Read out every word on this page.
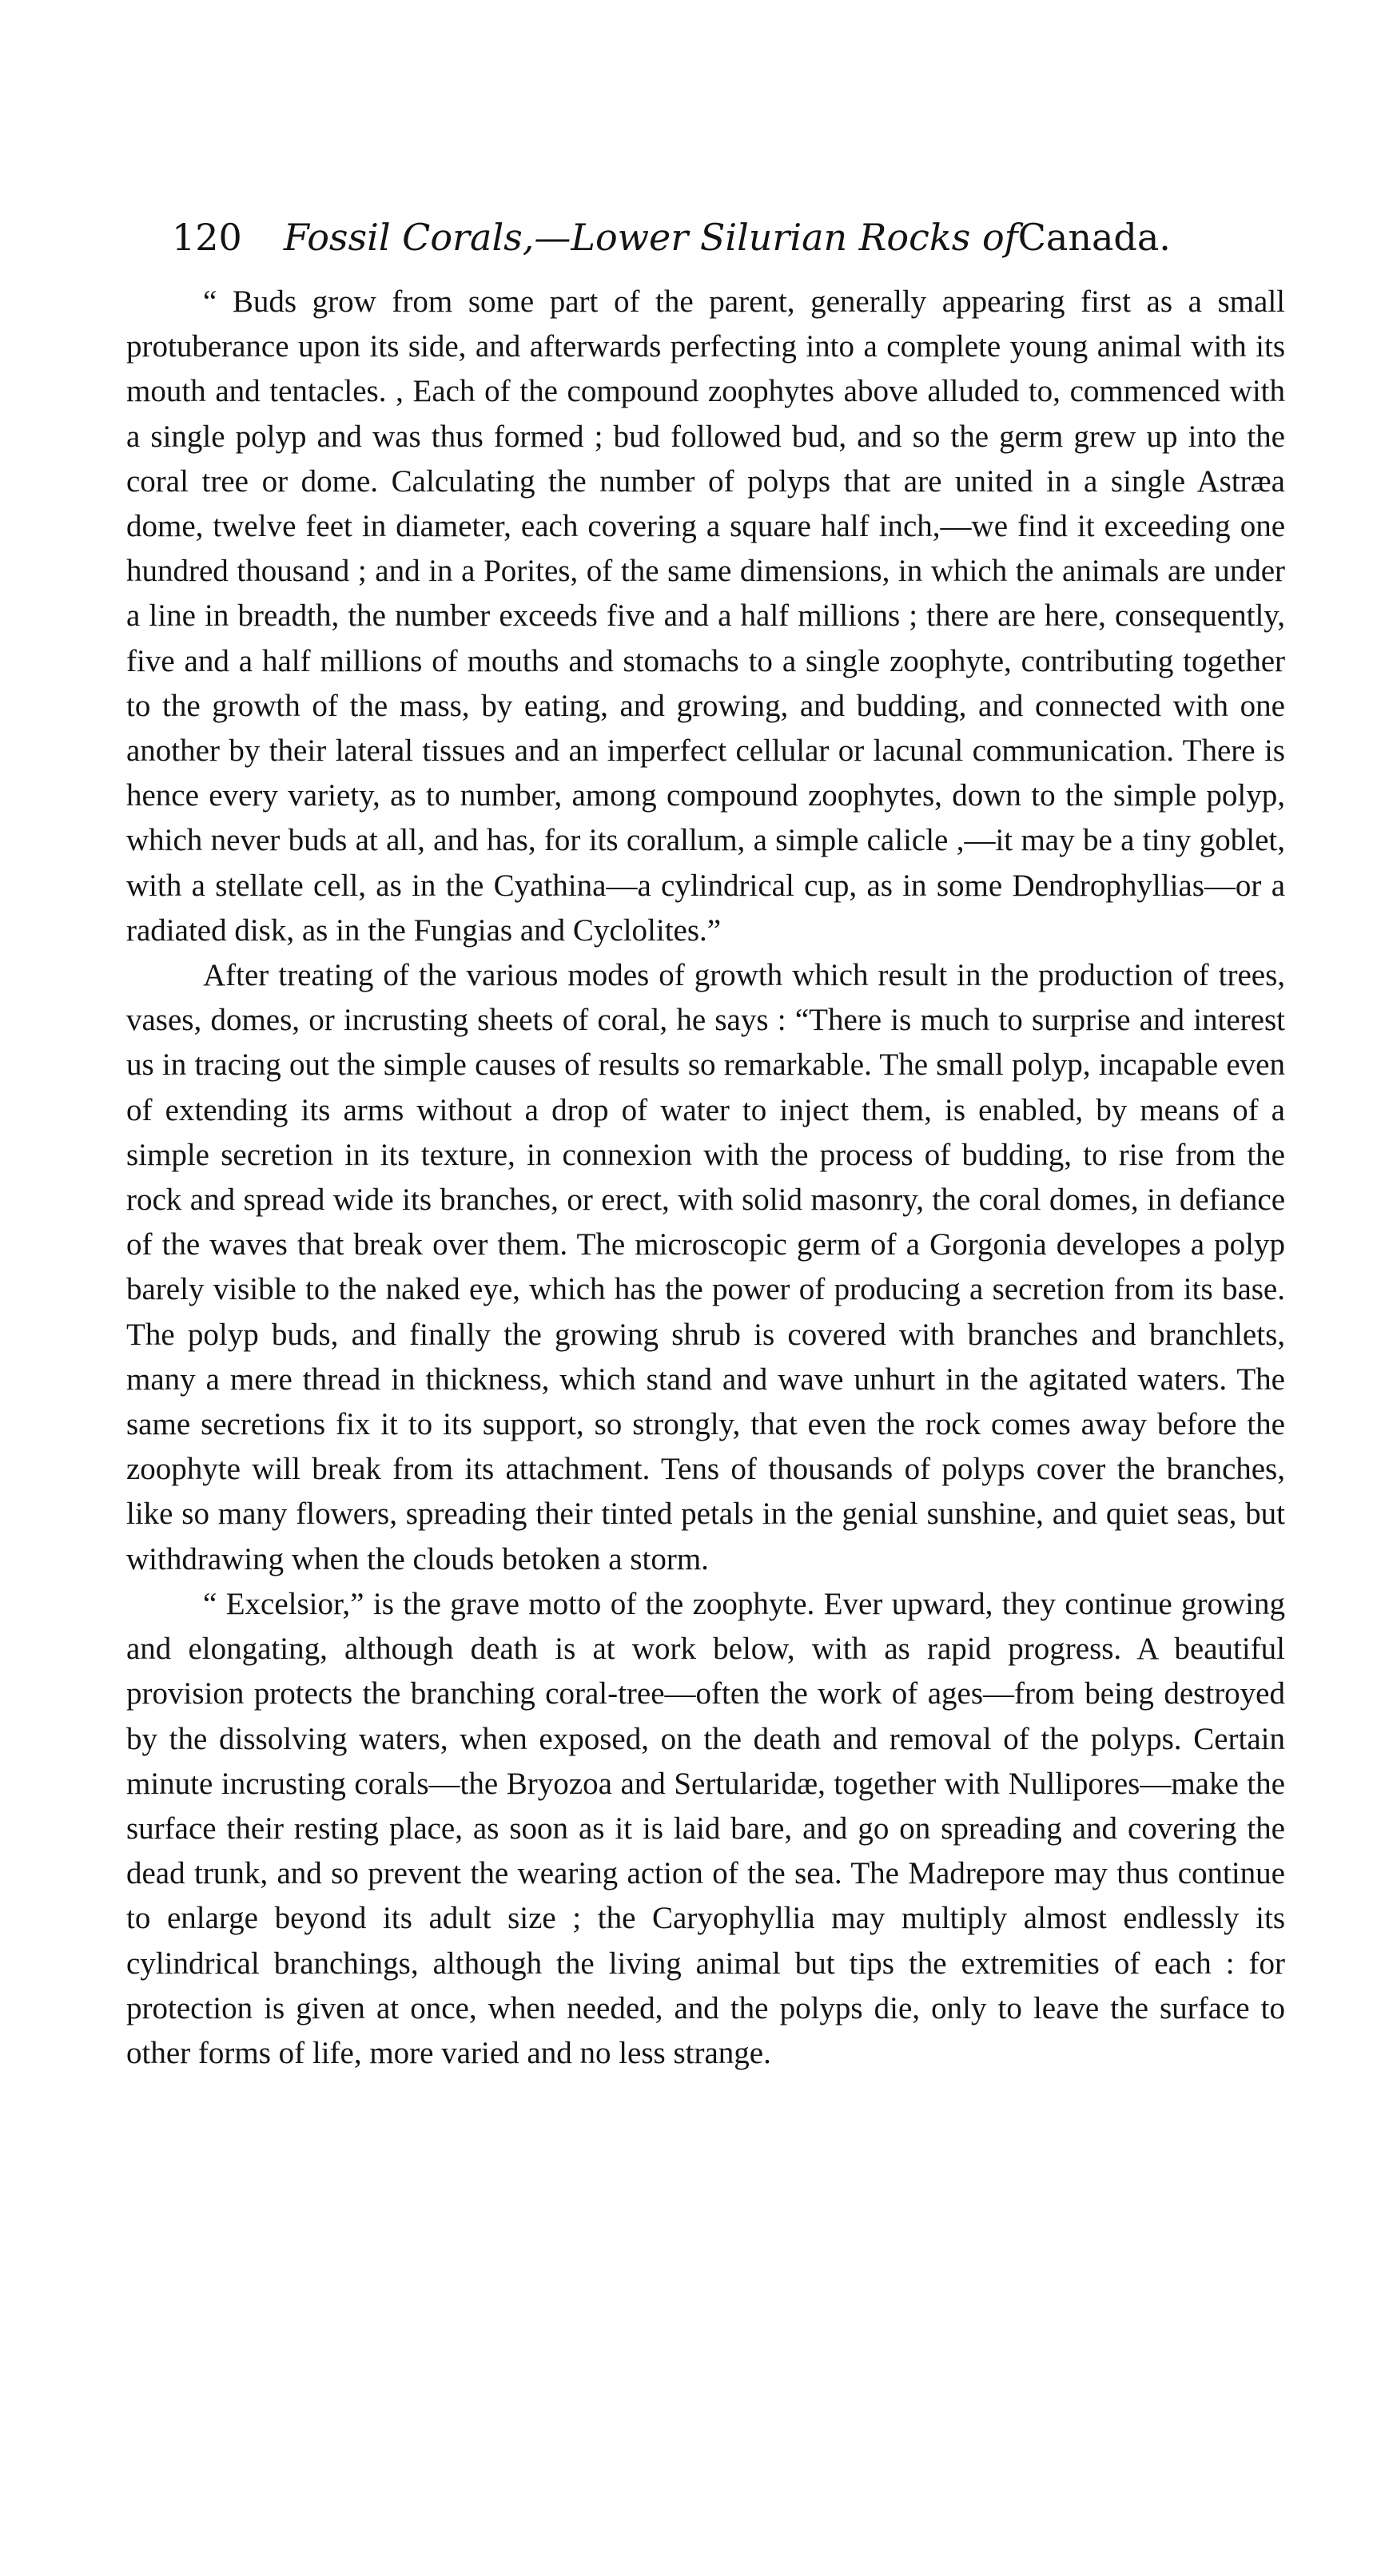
120 Fossil Corals,—Lower Silurian Rocks ofCanada.

“ Buds grow from some part of the parent, generally appearing first as a small protuberance upon its side, and afterwards perfecting into a complete young animal with its mouth and tentacles. , Each of the compound zoophytes above alluded to, commenced with a single polyp and was thus formed ; bud followed bud, and so the germ grew up into the coral tree or dome. Calculating the number of polyps that are united in a single Astræa dome, twelve feet in diameter, each covering a square half inch,—we find it exceeding one hundred thousand ; and in a Porites, of the same dimensions, in which the animals are under a line in breadth, the number exceeds five and a half millions ; there are here, consequently, five and a half millions of mouths and stomachs to a single zoophyte, contributing together to the growth of the mass, by eating, and growing, and budding, and connected with one another by their lateral tissues and an imperfect cellular or lacunal communication. There is hence every variety, as to number, among compound zoophytes, down to the simple polyp, which never buds at all, and has, for its corallum, a simple calicle ,—it may be a tiny goblet, with a stellate cell, as in the Cyathina—a cylindrical cup, as in some Dendrophyllias—or a radiated disk, as in the Fungias and Cyclolites.”

After treating of the various modes of growth which result in the production of trees, vases, domes, or incrusting sheets of coral, he says : “There is much to surprise and interest us in tracing out the simple causes of results so remarkable. The small polyp, incapable even of extending its arms without a drop of water to inject them, is enabled, by means of a simple secretion in its texture, in connexion with the process of budding, to rise from the rock and spread wide its branches, or erect, with solid masonry, the coral domes, in defiance of the waves that break over them. The microscopic germ of a Gorgonia developes a polyp barely visible to the naked eye, which has the power of producing a secretion from its base. The polyp buds, and finally the growing shrub is covered with branches and branchlets, many a mere thread in thickness, which stand and wave unhurt in the agitated waters. The same secretions fix it to its support, so strongly, that even the rock comes away before the zoophyte will break from its attachment. Tens of thousands of polyps cover the branches, like so many flowers, spreading their tinted petals in the genial sunshine, and quiet seas, but withdrawing when the clouds betoken a storm.

“ Excelsior,” is the grave motto of the zoophyte. Ever upward, they continue growing and elongating, although death is at work below, with as rapid progress. A beautiful provision protects the branching coral-tree—often the work of ages—from being destroyed by the dissolving waters, when exposed, on the death and removal of the polyps. Certain minute incrusting corals—the Bryozoa and Sertularidæ, together with Nullipores—make the surface their resting place, as soon as it is laid bare, and go on spreading and covering the dead trunk, and so prevent the wearing action of the sea. The Madrepore may thus continue to enlarge beyond its adult size ; the Caryophyllia may multiply almost endlessly its cylindrical branchings, although the living animal but tips the extremities of each : for protection is given at once, when needed, and the polyps die, only to leave the surface to other forms of life, more varied and no less strange.
